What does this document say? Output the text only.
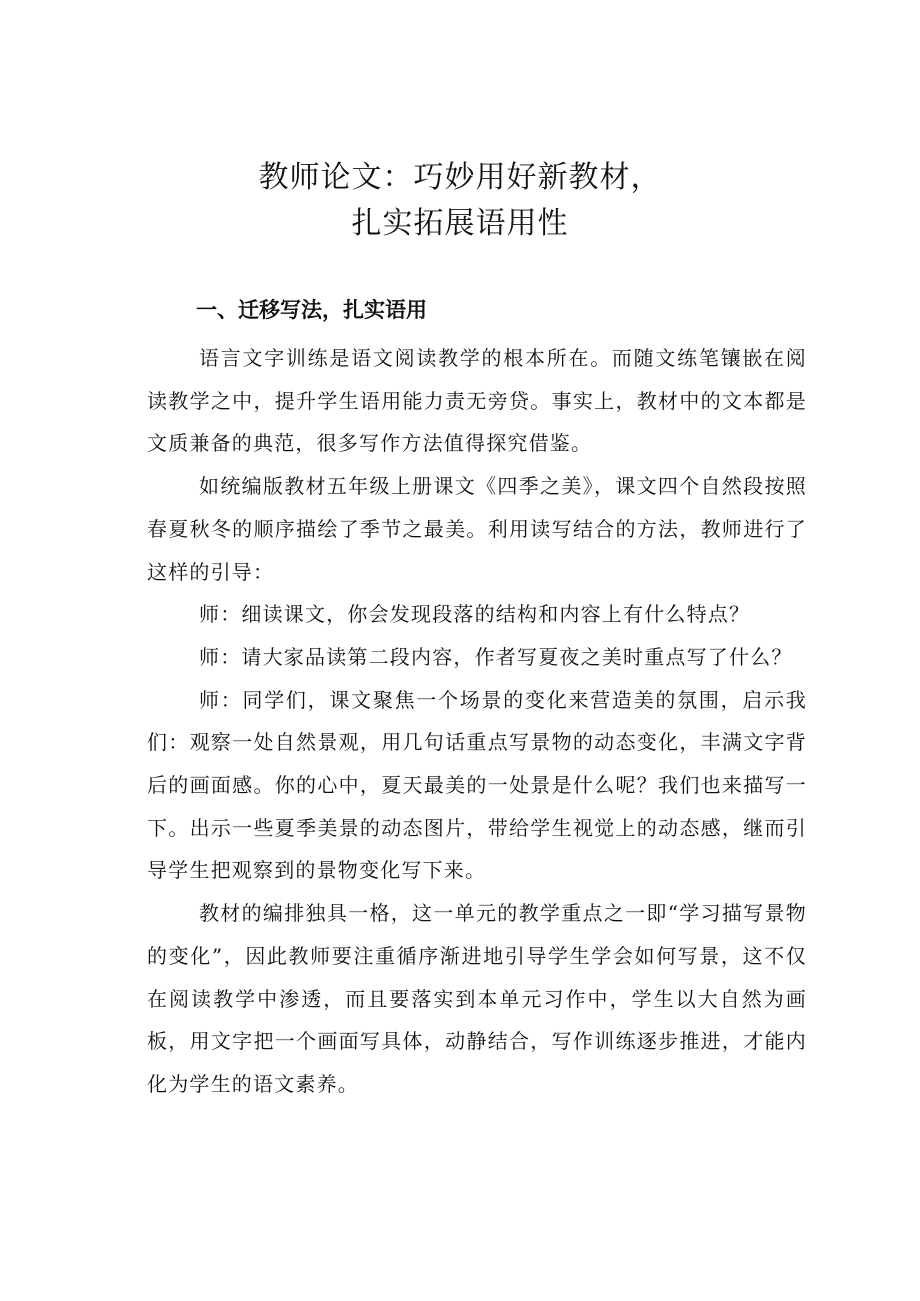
教师论文：巧妙用好新教材，
扎实拓展语用性
一、迁移写法，扎实语用

语言文字训练是语文阅读教学的根本所在。而随文练笔镶嵌在阅读教学之中，提升学生语用能力责无旁贷。事实上，教材中的文本都是文质兼备的典范，很多写作方法值得探究借鉴。

如统编版教材五年级上册课文《四季之美》，课文四个自然段按照春夏秋冬的顺序描绘了季节之最美。利用读写结合的方法，教师进行了这样的引导：

师：细读课文，你会发现段落的结构和内容上有什么特点？

师：请大家品读第二段内容，作者写夏夜之美时重点写了什么？

师：同学们，课文聚焦一个场景的变化来营造美的氛围，启示我们：观察一处自然景观，用几句话重点写景物的动态变化，丰满文字背后的画面感。你的心中，夏天最美的一处景是什么呢？我们也来描写一下。出示一些夏季美景的动态图片，带给学生视觉上的动态感，继而引导学生把观察到的景物变化写下来。

教材的编排独具一格，这一单元的教学重点之一即“学习描写景物的变化”，因此教师要注重循序渐进地引导学生学会如何写景，这不仅在阅读教学中渗透，而且要落实到本单元习作中，学生以大自然为画板，用文字把一个画面写具体，动静结合，写作训练逐步推进，才能内化为学生的语文素养。
